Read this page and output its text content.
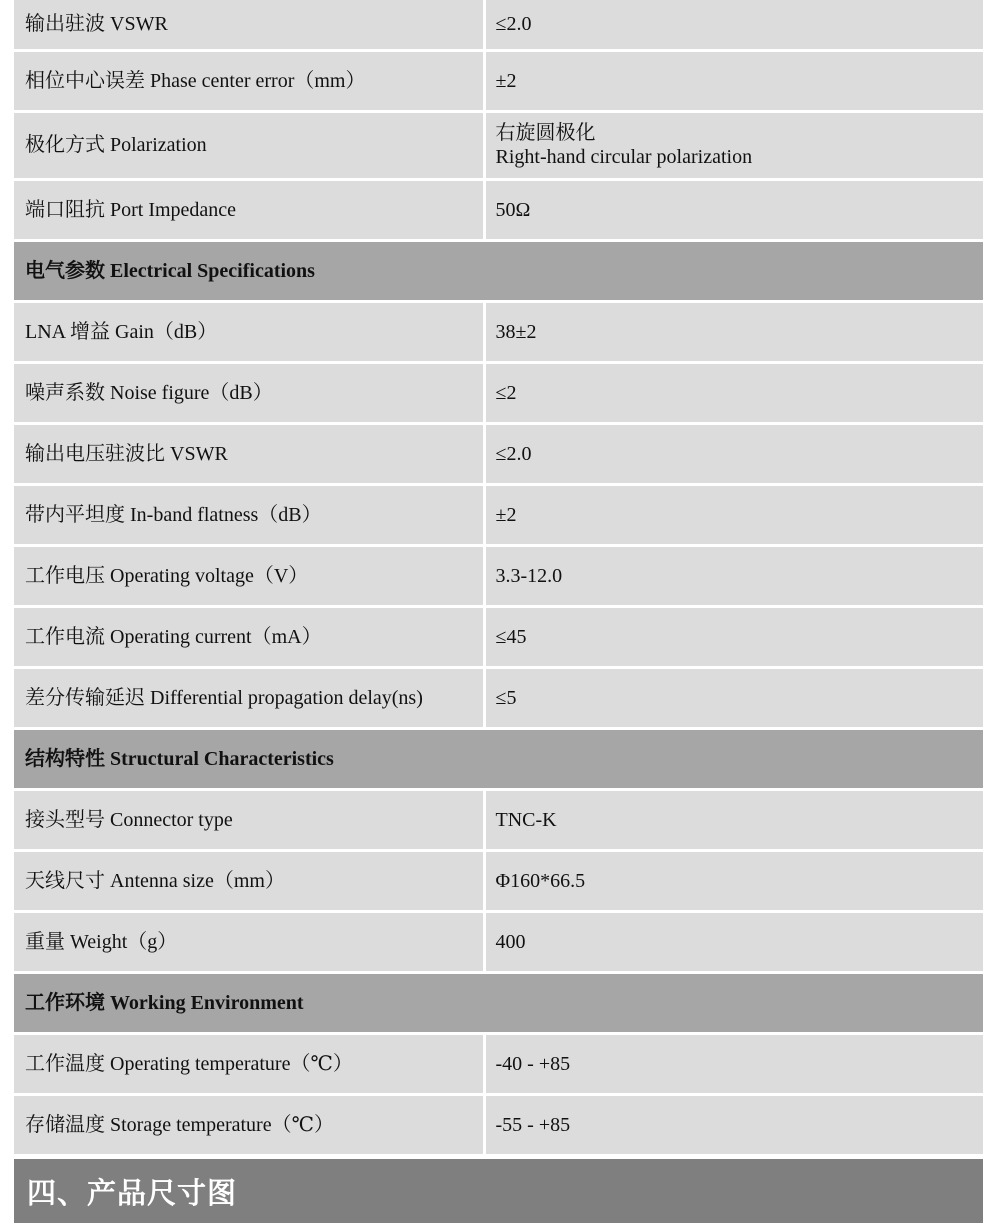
输出驻波 VSWR	≤2.0
相位中心误差 Phase center error（mm）	±2
极化方式 Polarization	右旋圆极化
Right-hand circular polarization

端口阻抗 Port Impedance	50Ω
电气参数 Electrical Specifications	
LNA 增益 Gain（dB）	38±2
噪声系数 Noise figure（dB）	≤2
输出电压驻波比 VSWR	≤2.0
带内平坦度 In-band flatness（dB）	±2
工作电压 Operating voltage（V）	3.3-12.0
工作电流 Operating current（mA）	≤45
差分传输延迟 Differential propagation delay(ns)	≤5
结构特性 Structural Characteristics	
接头型号 Connector type	TNC-K
天线尺寸 Antenna size（mm）	Φ160*66.5
重量 Weight（g）	400
工作环境 Working Environment	
工作温度 Operating temperature（℃）	-40 - +85
存储温度 Storage temperature（℃）	-55 - +85
四、产品尺寸图
